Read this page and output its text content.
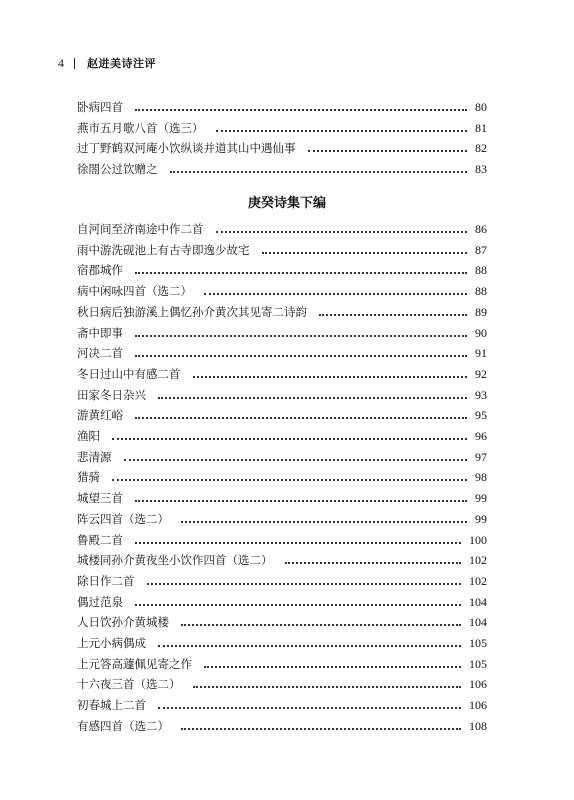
4 赵进美诗注评
卧病四首	80
燕市五月歌八首（选三）	81
过丁野鹤双河庵小饮纵谈并道其山中遇仙事	82
徐閤公过饮赠之	83
庚癸诗集下编
自河间至济南途中作二首	86
雨中游洗砚池上有古寺即逸少故宅	87
宿郡城作	88
病中闲咏四首（选二）	88
秋日病后独游溪上偶忆孙介黄次其见寄二诗韵	89
斋中即事	90
河决二首	91
冬日过山中有感二首	92
田家冬日杂兴	93
游黄红峪	95
渔阳	96
悲清源	97
猎骑	98
城望三首	99
阵云四首（选二）	99
鲁殿二首	100
城楼同孙介黄夜坐小饮作四首（选二）	102
除日作二首	102
偶过范泉	104
人日饮孙介黄城楼	104
上元小病偶成	105
上元答高蘧佩见寄之作	105
十六夜三首（选二）	106
初春城上二首	106
有感四首（选二）	108
